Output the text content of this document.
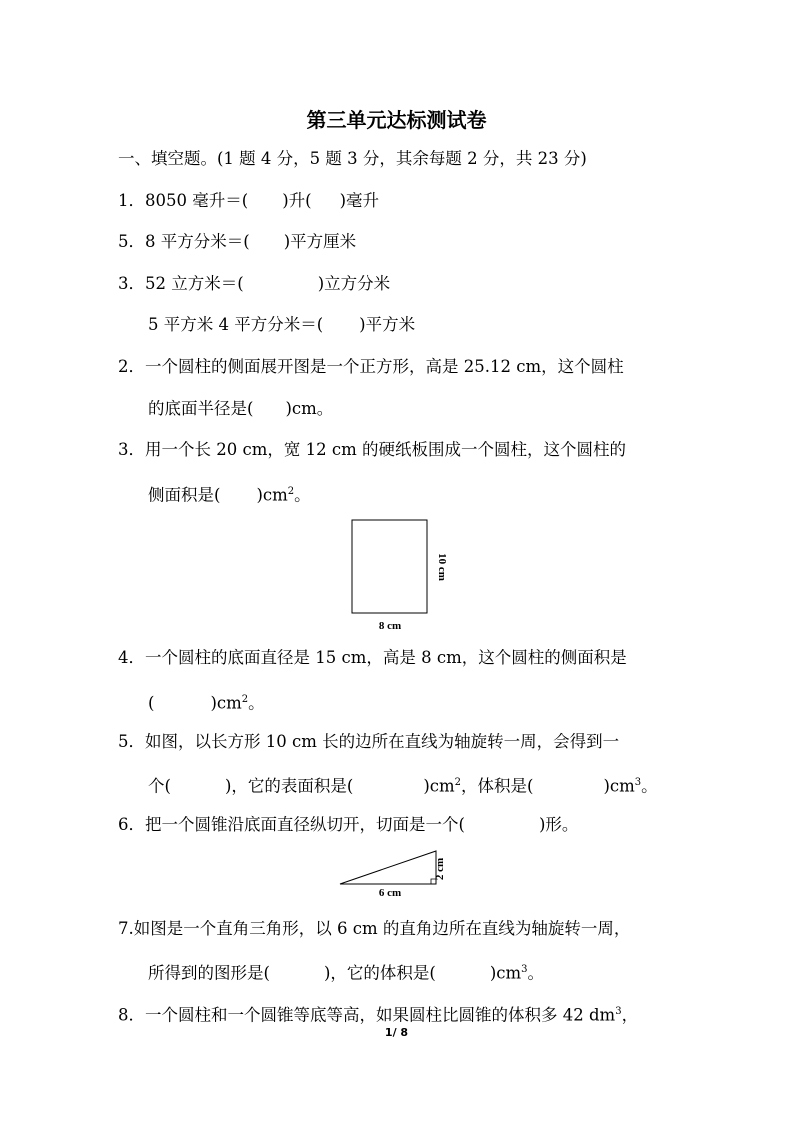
第三单元达标测试卷
一、填空题。(1 题 4 分，5 题 3 分，其余每题 2 分，共 23 分)
1．8050 毫升＝( )升( )毫升
5．8 平方分米＝( )平方厘米
3．52 立方米＝(	)立方分米
5 平方米 4 平方分米＝( )平方米
2．一个圆柱的侧面展开图是一个正方形，高是 25.12 cm，这个圆柱
的底面半径是( )cm。
3．用一个长 20 cm，宽 12 cm 的硬纸板围成一个圆柱，这个圆柱的
侧面积是( )$cm^2$。
8 cm
10 cm
4．一个圆柱的底面直径是 15 cm，高是 8 cm，这个圆柱的侧面积是
(	)$cm^2$。
5．如图，以长方形 10 cm 长的边所在直线为轴旋转一周，会得到一
个(	)，它的表面积是(	)$cm^2$，体积是(	)$cm^3$。
6．把一个圆锥沿底面直径纵切开，切面是一个(	)形。
6 cm
2 cm
7.如图是一个直角三角形，以 6 cm 的直角边所在直线为轴旋转一周，
所得到的图形是(	)，它的体积是(	)$cm^3$。
8．一个圆柱和一个圆锥等底等高，如果圆柱比圆锥的体积多 42 $dm^3$，
1/ 8
